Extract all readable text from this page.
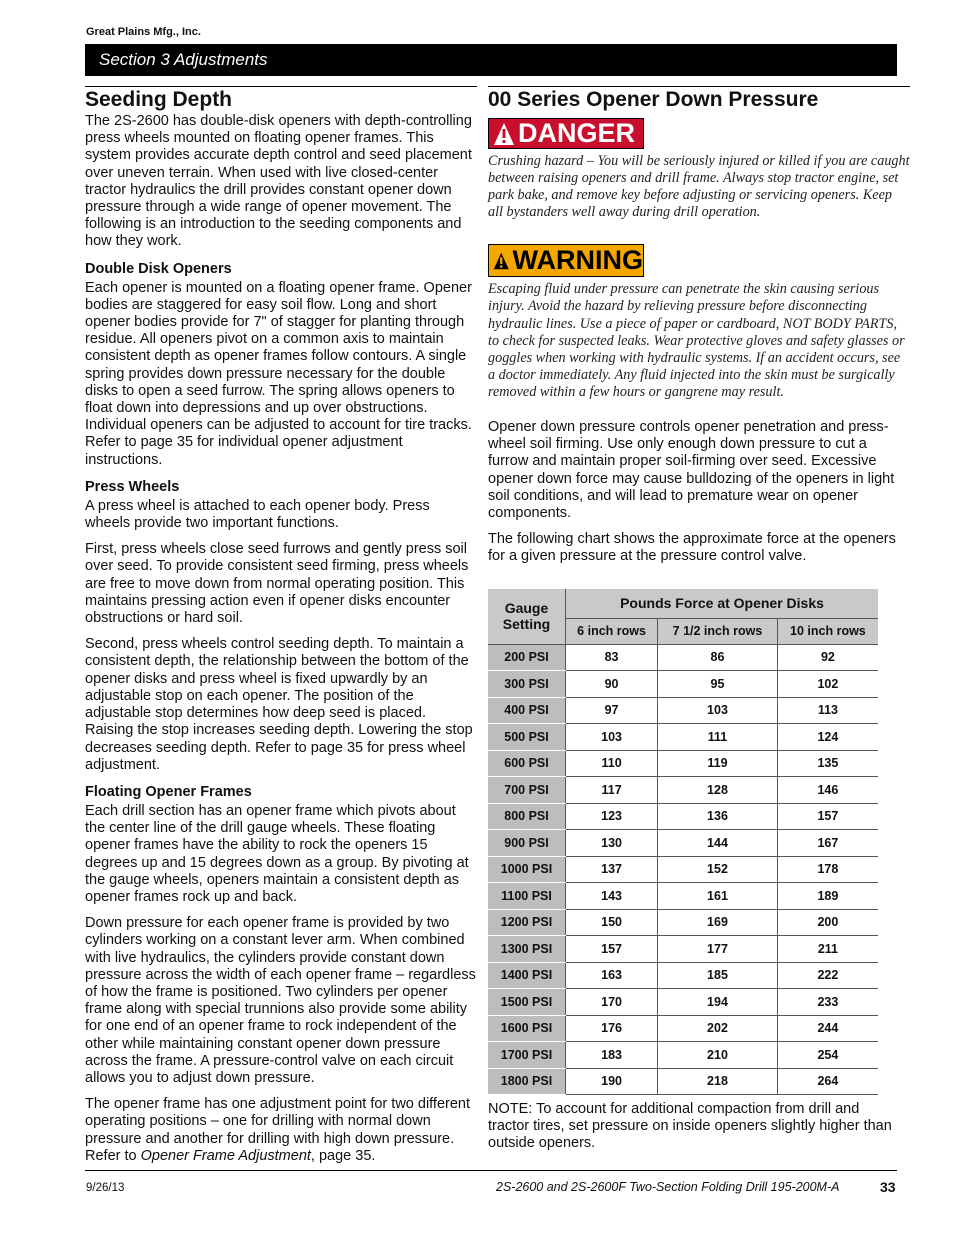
Great Plains Mfg., Inc.
Section 3 Adjustments
Seeding Depth

The 2S-2600 has double-disk openers with depth-controlling press wheels mounted on floating opener frames. This system provides accurate depth control and seed placement over uneven terrain. When used with live closed-center tractor hydraulics the drill provides constant opener down pressure through a wide range of opener movement. The following is an introduction to the seeding components and how they work.

Double Disk Openers

Each opener is mounted on a floating opener frame. Opener bodies are staggered for easy soil flow. Long and short opener bodies provide for 7" of stagger for planting through residue. All openers pivot on a common axis to maintain consistent depth as opener frames follow contours. A single spring provides down pressure necessary for the double disks to open a seed furrow. The spring allows openers to float down into depressions and up over obstructions. Individual openers can be adjusted to account for tire tracks. Refer to page 35 for individual opener adjustment instructions.

Press Wheels

A press wheel is attached to each opener body. Press wheels provide two important functions.

First, press wheels close seed furrows and gently press soil over seed. To provide consistent seed firming, press wheels are free to move down from normal operating position. This maintains pressing action even if opener disks encounter obstructions or hard soil.

Second, press wheels control seeding depth. To maintain a consistent depth, the relationship between the bottom of the opener disks and press wheel is fixed upwardly by an adjustable stop on each opener. The position of the adjustable stop determines how deep seed is placed. Raising the stop increases seeding depth. Lowering the stop decreases seeding depth. Refer to page 35 for press wheel adjustment.

Floating Opener Frames

Each drill section has an opener frame which pivots about the center line of the drill gauge wheels. These floating opener frames have the ability to rock the openers 15 degrees up and 15 degrees down as a group. By pivoting at the gauge wheels, openers maintain a consistent depth as opener frames rock up and back.

Down pressure for each opener frame is provided by two cylinders working on a constant lever arm. When combined with live hydraulics, the cylinders provide constant down pressure across the width of each opener frame – regardless of how the frame is positioned. Two cylinders per opener frame along with special trunnions also provide some ability for one end of an opener frame to rock independent of the other while maintaining constant opener down pressure across the frame. A pressure-control valve on each circuit allows you to adjust down pressure.

The opener frame has one adjustment point for two different operating positions – one for drilling with normal down pressure and another for drilling with high down pressure. Refer to Opener Frame Adjustment, page 35.

00 Series Opener Down Pressure
DANGER

Crushing hazard – You will be seriously injured or killed if you are caught between raising openers and drill frame. Always stop tractor engine, set park bake, and remove key before adjusting or servicing openers. Keep all bystanders well away during drill operation.

WARNING

Escaping fluid under pressure can penetrate the skin causing serious injury. Avoid the hazard by relieving pressure before disconnecting hydraulic lines. Use a piece of paper or cardboard, NOT BODY PARTS, to check for suspected leaks. Wear protective gloves and safety glasses or goggles when working with hydraulic systems. If an accident occurs, see a doctor immediately. Any fluid injected into the skin must be surgically removed within a few hours or gangrene may result.

Opener down pressure controls opener penetration and press-wheel soil firming. Use only enough down pressure to cut a furrow and maintain proper soil-firming over seed. Excessive opener down force may cause bulldozing of the openers in light soil conditions, and will lead to premature wear on opener components.

The following chart shows the approximate force at the openers for a given pressure at the pressure control valve.

Gauge Setting	Pounds Force at Opener Disks		
	6 inch rows	7 1/2 inch rows	10 inch rows
200 PSI	83	86	92
300 PSI	90	95	102
400 PSI	97	103	113
500 PSI	103	111	124
600 PSI	110	119	135
700 PSI	117	128	146
800 PSI	123	136	157
900 PSI	130	144	167
1000 PSI	137	152	178
1100 PSI	143	161	189
1200 PSI	150	169	200
1300 PSI	157	177	211
1400 PSI	163	185	222
1500 PSI	170	194	233
1600 PSI	176	202	244
1700 PSI	183	210	254
1800 PSI	190	218	264

NOTE: To account for additional compaction from drill and tractor tires, set pressure on inside openers slightly higher than outside openers.

9/26/13	2S-2600 and 2S-2600F Two-Section Folding Drill 195-200M-A	33
